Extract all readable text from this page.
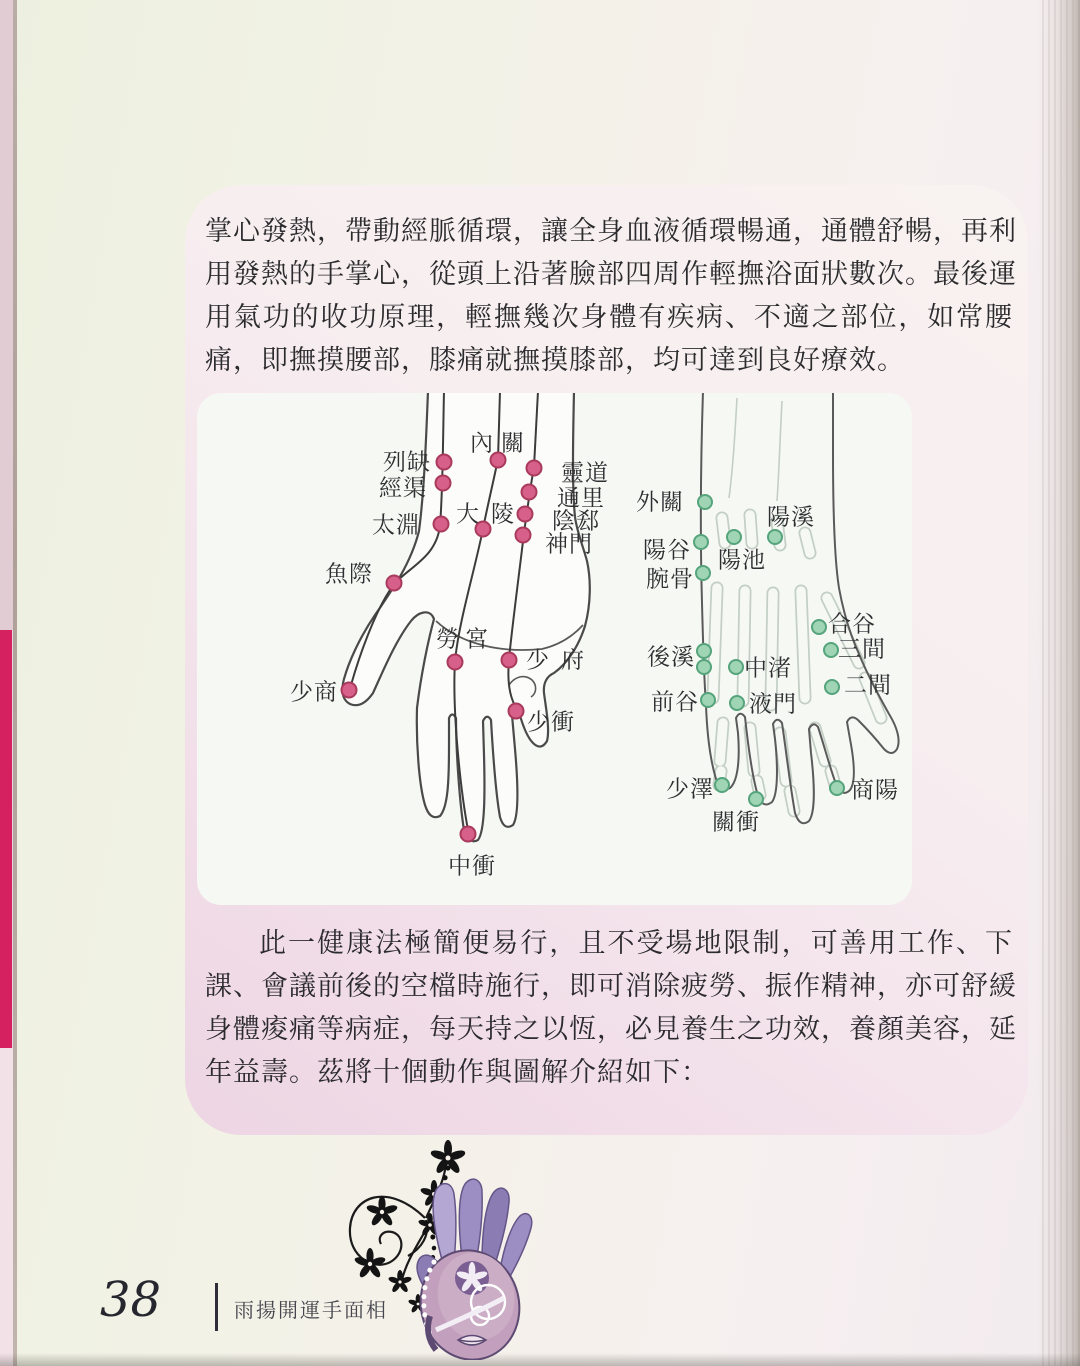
掌心發熱，帶動經脈循環，讓全身血液循環暢通，通體舒暢，再利
用發熱的手掌心，從頭上沿著臉部四周作輕撫浴面狀數次。最後運
用氣功的收功原理，輕撫幾次身體有疾病、不適之部位，如常腰
痛，即撫摸腰部，膝痛就撫摸膝部，均可達到良好療效。
列缺
經渠
太淵
內關
大陵
靈道
通里
陰郄
神門
魚際
勞宮
少府
少商
少衝
中衝
外關
陽溪
陽谷 陽池
腕骨
合谷
三間
二間
後溪 中渚
前谷 液門
少澤
關衝
商陽
此一健康法極簡便易行，且不受場地限制，可善用工作、下
課、會議前後的空檔時施行，即可消除疲勞、振作精神，亦可舒緩
身體痠痛等病症，每天持之以恆，必見養生之功效，養顏美容，延
年益壽。茲將十個動作與圖解介紹如下：
38	雨揚開運手面相
